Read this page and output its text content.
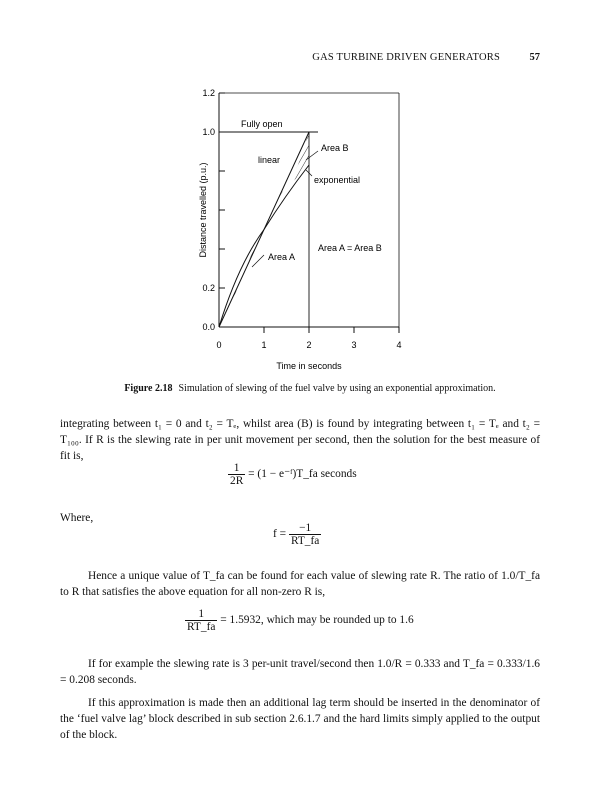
GAS TURBINE DRIVEN GENERATORS	57
1.2
1.0
0.2
0.0
0	1	2	3	4
Time in seconds
Distance travelled (p.u.)
Fully open
linear
Area B
exponential
Area A = Area B
Area A
Figure 2.18 Simulation of slewing of the fuel valve by using an exponential approximation.
integrating between t₁ = 0 and t₂ = Tₑ, whilst area (B) is found by integrating between t₁ = Tₑ and t₂ = T₁₀₀. If R is the slewing rate in per unit movement per second, then the solution for the best measure of fit is,
$\frac{1}{2R} = (1$ − e⁻ᶠ)T_fa seconds
Where,
$f = \frac{-1}{RT\_fa}$
Hence a unique value of T_fa can be found for each value of slewing rate R. The ratio of 1.0/T_fa to R that satisfies the above equation for all non-zero R is,
$\frac{1}{RT\_fa} = 1.5932$, which may be rounded up to 1.6
If for example the slewing rate is 3 per-unit travel/second then 1.0/R = 0.333 and T_fa = 0.333/1.6 = 0.208 seconds.
If this approximation is made then an additional lag term should be inserted in the denominator of the ‘fuel valve lag’ block described in sub section 2.6.1.7 and the hard limits simply applied to the output of the block.
